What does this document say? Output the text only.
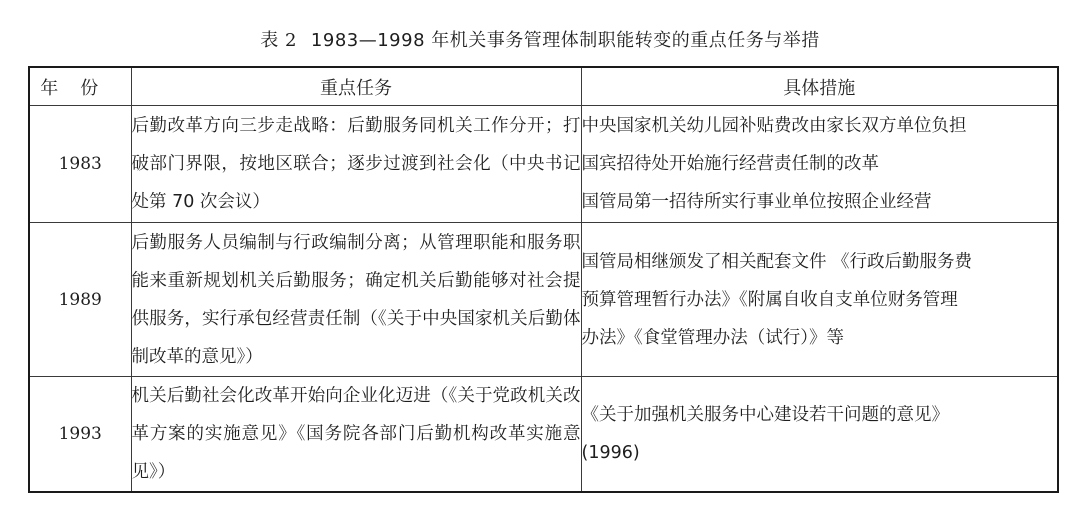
表 2 1983—1998 年机关事务管理体制职能转变的重点任务与举措
年份	重点任务	具体措施
1983	后勤改革方向三步走战略：后勤服务同机关工作分开；打破部门界限，按地区联合；逐步过渡到社会化（中央书记处第 70 次会议）	中央国家机关幼儿园补贴费改由家长双方单位负担
国宾招待处开始施行经营责任制的改革
国管局第一招待所实行事业单位按照企业经营

1989	后勤服务人员编制与行政编制分离；从管理职能和服务职能来重新规划机关后勤服务；确定机关后勤能够对社会提供服务，实行承包经营责任制（《关于中央国家机关后勤体制改革的意见》）	国管局相继颁发了相关配套文件 《行政后勤服务费
预算管理暂行办法》《附属自收自支单位财务管理
办法》《食堂管理办法（试行）》等

1993	机关后勤社会化改革开始向企业化迈进（《关于党政机关改革方案的实施意见》《国务院各部门后勤机构改革实施意见》）	《关于加强机关服务中心建设若干问题的意见》
(1996)
